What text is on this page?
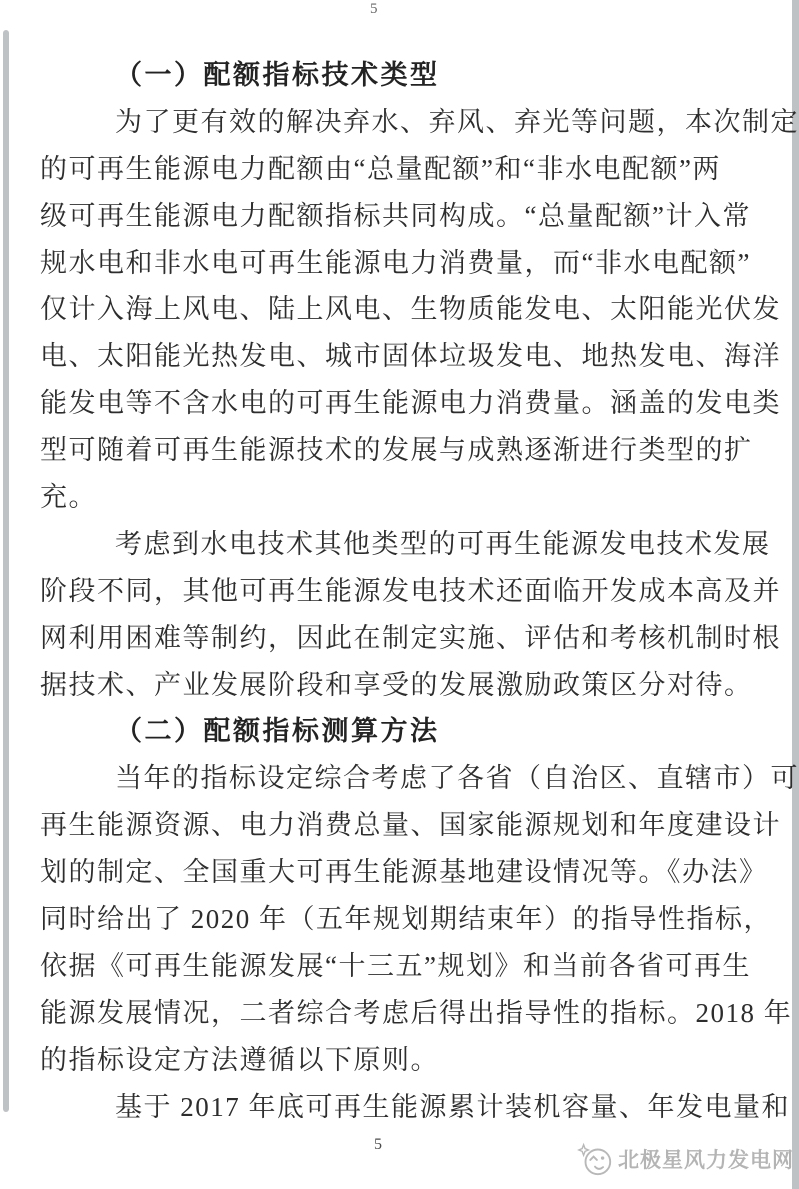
5
（一）配额指标技术类型
为了更有效的解决弃水、弃风、弃光等问题，本次制定
的可再生能源电力配额由“总量配额”和“非水电配额”两
级可再生能源电力配额指标共同构成。“总量配额”计入常
规水电和非水电可再生能源电力消费量，而“非水电配额”
仅计入海上风电、陆上风电、生物质能发电、太阳能光伏发
电、太阳能光热发电、城市固体垃圾发电、地热发电、海洋
能发电等不含水电的可再生能源电力消费量。涵盖的发电类
型可随着可再生能源技术的发展与成熟逐渐进行类型的扩
充。
考虑到水电技术其他类型的可再生能源发电技术发展
阶段不同，其他可再生能源发电技术还面临开发成本高及并
网利用困难等制约，因此在制定实施、评估和考核机制时根
据技术、产业发展阶段和享受的发展激励政策区分对待。
（二）配额指标测算方法
当年的指标设定综合考虑了各省（自治区、直辖市）可
再生能源资源、电力消费总量、国家能源规划和年度建设计
划的制定、全国重大可再生能源基地建设情况等。《办法》
同时给出了 2020 年（五年规划期结束年）的指导性指标，
依据《可再生能源发展“十三五”规划》和当前各省可再生
能源发展情况，二者综合考虑后得出指导性的指标。2018 年
的指标设定方法遵循以下原则。
基于 2017 年底可再生能源累计装机容量、年发电量和
5
北极星风力发电网
